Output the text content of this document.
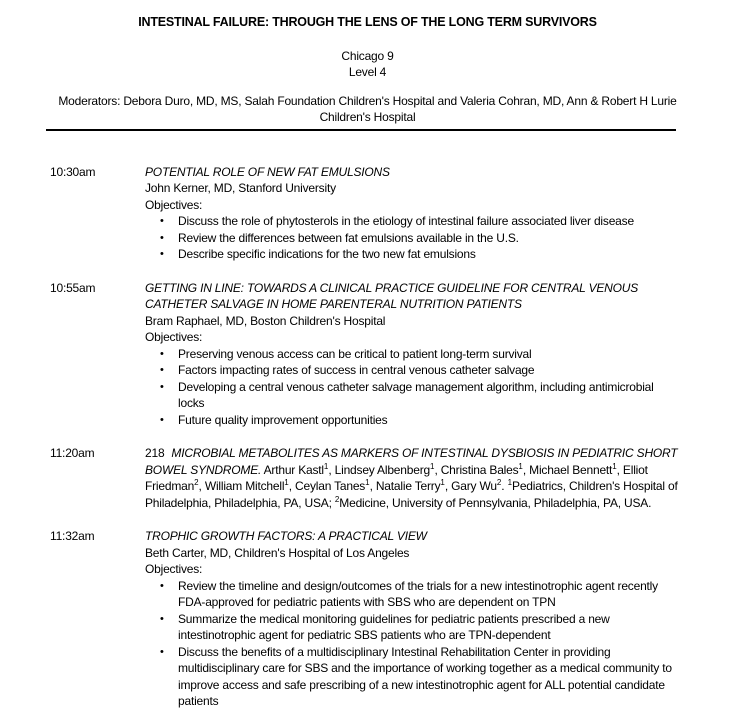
INTESTINAL FAILURE: THROUGH THE LENS OF THE LONG TERM SURVIVORS
Chicago 9
Level 4

Moderators: Debora Duro, MD, MS, Salah Foundation Children's Hospital and Valeria Cohran, MD, Ann & Robert H Lurie Children's Hospital

10:30am	POTENTIAL ROLE OF NEW FAT EMULSIONS
John Kerner, MD, Stanford University
Objectives:
• Discuss the role of phytosterols in the etiology of intestinal failure associated liver disease
• Review the differences between fat emulsions available in the U.S.
• Describe specific indications for the two new fat emulsions
10:55am	GETTING IN LINE: TOWARDS A CLINICAL PRACTICE GUIDELINE FOR CENTRAL VENOUS CATHETER SALVAGE IN HOME PARENTERAL NUTRITION PATIENTS
Bram Raphael, MD, Boston Children's Hospital
Objectives:
• Preserving venous access can be critical to patient long-term survival
• Factors impacting rates of success in central venous catheter salvage
• Developing a central venous catheter salvage management algorithm, including antimicrobial locks
• Future quality improvement opportunities
11:20am	218 MICROBIAL METABOLITES AS MARKERS OF INTESTINAL DYSBIOSIS IN PEDIATRIC SHORT BOWEL SYNDROME. Arthur Kastl$^1$, Lindsey Albenberg$^1$, Christina Bales$^1$, Michael Bennett$^1$, Elliot Friedman$^2$, William Mitchell$^1$, Ceylan Tanes$^1$, Natalie Terry$^1$, Gary Wu$^2$. $^1$Pediatrics, Children's Hospital of Philadelphia, Philadelphia, PA, USA; $^2$Medicine, University of Pennsylvania, Philadelphia, PA, USA.

11:32am	TROPHIC GROWTH FACTORS: A PRACTICAL VIEW
Beth Carter, MD, Children's Hospital of Los Angeles
Objectives:
• Review the timeline and design/outcomes of the trials for a new intestinotrophic agent recently FDA-approved for pediatric patients with SBS who are dependent on TPN
• Summarize the medical monitoring guidelines for pediatric patients prescribed a new intestinotrophic agent for pediatric SBS patients who are TPN-dependent
• Discuss the benefits of a multidisciplinary Intestinal Rehabilitation Center in providing multidisciplinary care for SBS and the importance of working together as a medical community to improve access and safe prescribing of a new intestinotrophic agent for ALL potential candidate patients
